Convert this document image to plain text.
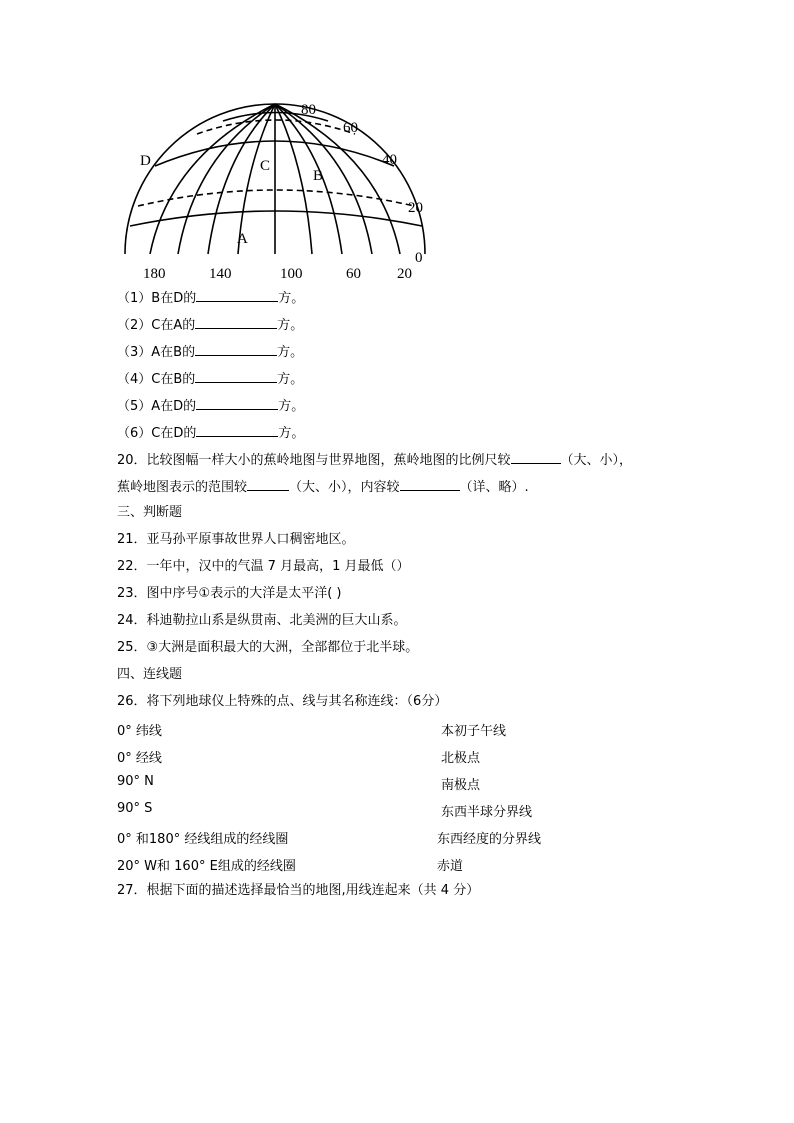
80
60
40
20
0
180	140	100	60 20
A
B
C
D
（1）B在D的	方。
（2）C在A的	方。
（3）A在B的	方。
（4）C在B的	方。
（5）A在D的	方。
（6）C在D的	方。
20．比较图幅一样大小的蕉岭地图与世界地图，蕉岭地图的比例尺较	（大、小），
蕉岭地图表示的范围较	（大、小），内容较	（详、略）.
三、判断题
21．亚马孙平原事故世界人口稠密地区。
22．一年中，汉中的气温 7 月最高，1 月最低（）
23．图中序号①表示的大洋是太平洋( )
24．科迪勒拉山系是纵贯南、北美洲的巨大山系。
25．③大洲是面积最大的大洲，全部都位于北半球。
四、连线题
26．将下列地球仪上特殊的点、线与其名称连线：（6分）
0° 纬线
0° 经线
90° N
90° S
0° 和180° 经线组成的经线圈
20° W和 160° E组成的经线圈
本初子午线
北极点
南极点
东西半球分界线
东西经度的分界线
赤道
27．根据下面的描述选择最恰当的地图,用线连起来（共 4 分）
